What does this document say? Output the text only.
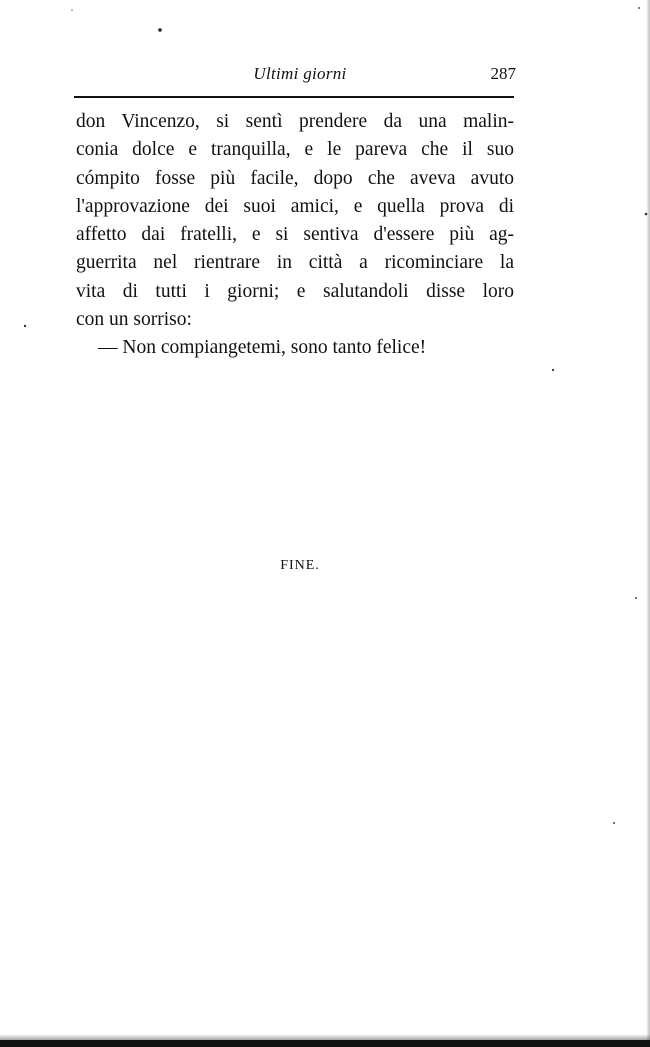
Ultimi giorni	287
don Vincenzo, si sentì prendere da una malin-
conia dolce e tranquilla, e le pareva che il suo
cómpito fosse più facile, dopo che aveva avuto
l'approvazione dei suoi amici, e quella prova di
affetto dai fratelli, e si sentiva d'essere più ag-
guerrita nel rientrare in città a ricominciare la
vita di tutti i giorni; e salutandoli disse loro
con un sorriso:
— Non compiangetemi, sono tanto felice!
FINE.
